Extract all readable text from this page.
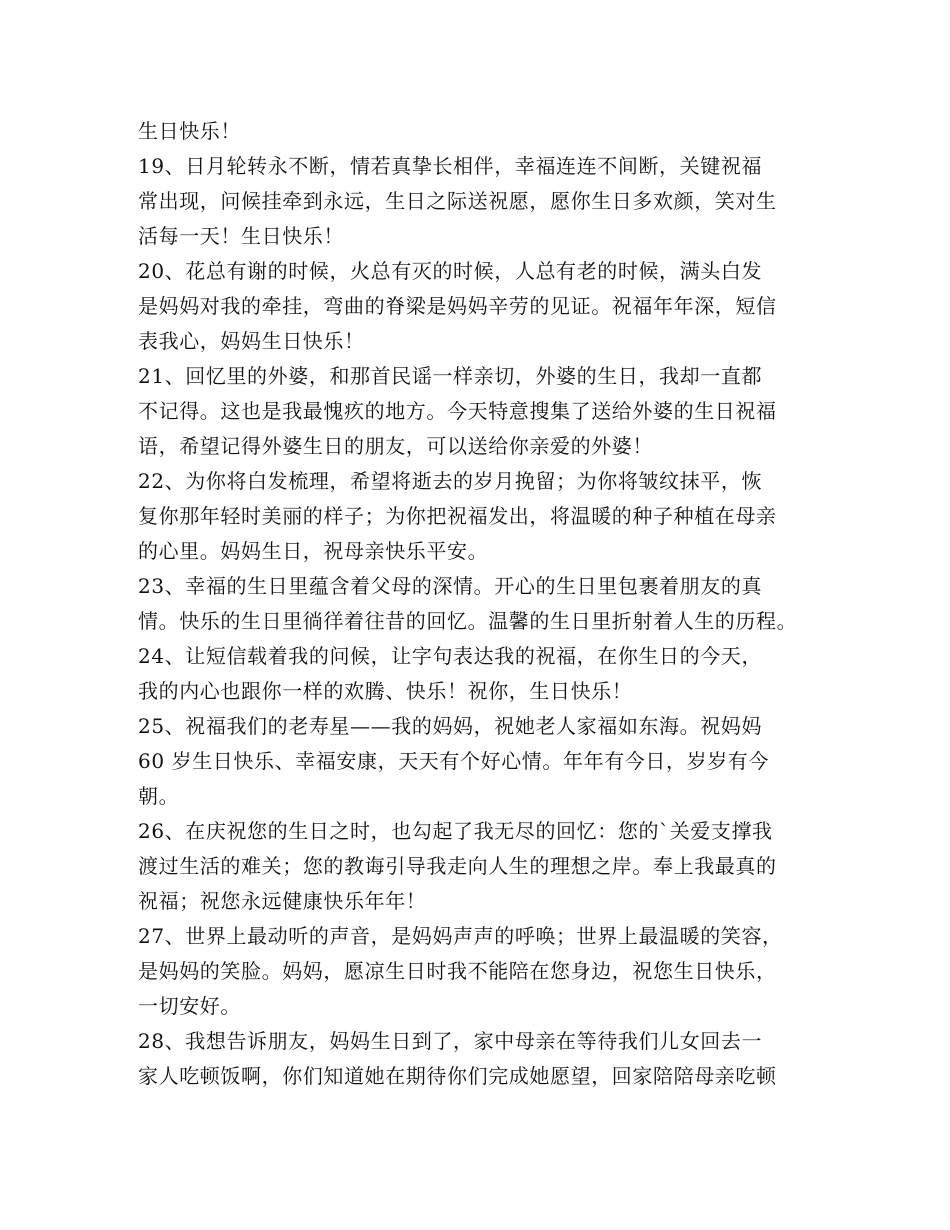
生日快乐！
19、日月轮转永不断，情若真挚长相伴，幸福连连不间断，关键祝福
常出现，问候挂牵到永远，生日之际送祝愿，愿你生日多欢颜，笑对生
活每一天！生日快乐！
20、花总有谢的时候，火总有灭的时候，人总有老的时候，满头白发
是妈妈对我的牵挂，弯曲的脊梁是妈妈辛劳的见证。祝福年年深，短信
表我心，妈妈生日快乐！
21、回忆里的外婆，和那首民谣一样亲切，外婆的生日，我却一直都
不记得。这也是我最愧疚的地方。今天特意搜集了送给外婆的生日祝福
语，希望记得外婆生日的朋友，可以送给你亲爱的外婆！
22、为你将白发梳理，希望将逝去的岁月挽留；为你将皱纹抹平，恢
复你那年轻时美丽的样子；为你把祝福发出，将温暖的种子种植在母亲
的心里。妈妈生日，祝母亲快乐平安。
23、幸福的生日里蕴含着父母的深情。开心的生日里包裹着朋友的真
情。快乐的生日里徜徉着往昔的回忆。温馨的生日里折射着人生的历程。
24、让短信载着我的问候，让字句表达我的祝福，在你生日的今天，
我的内心也跟你一样的欢腾、快乐！祝你，生日快乐！
25、祝福我们的老寿星——我的妈妈，祝她老人家福如东海。祝妈妈
60 岁生日快乐、幸福安康，天天有个好心情。年年有今日，岁岁有今
朝。
26、在庆祝您的生日之时，也勾起了我无尽的回忆：您的`关爱支撑我
渡过生活的难关；您的教诲引导我走向人生的理想之岸。奉上我最真的
祝福；祝您永远健康快乐年年！
27、世界上最动听的声音，是妈妈声声的呼唤；世界上最温暖的笑容，
是妈妈的笑脸。妈妈，愿凉生日时我不能陪在您身边，祝您生日快乐，
一切安好。
28、我想告诉朋友，妈妈生日到了，家中母亲在等待我们儿女回去一
家人吃顿饭啊，你们知道她在期待你们完成她愿望，回家陪陪母亲吃顿
